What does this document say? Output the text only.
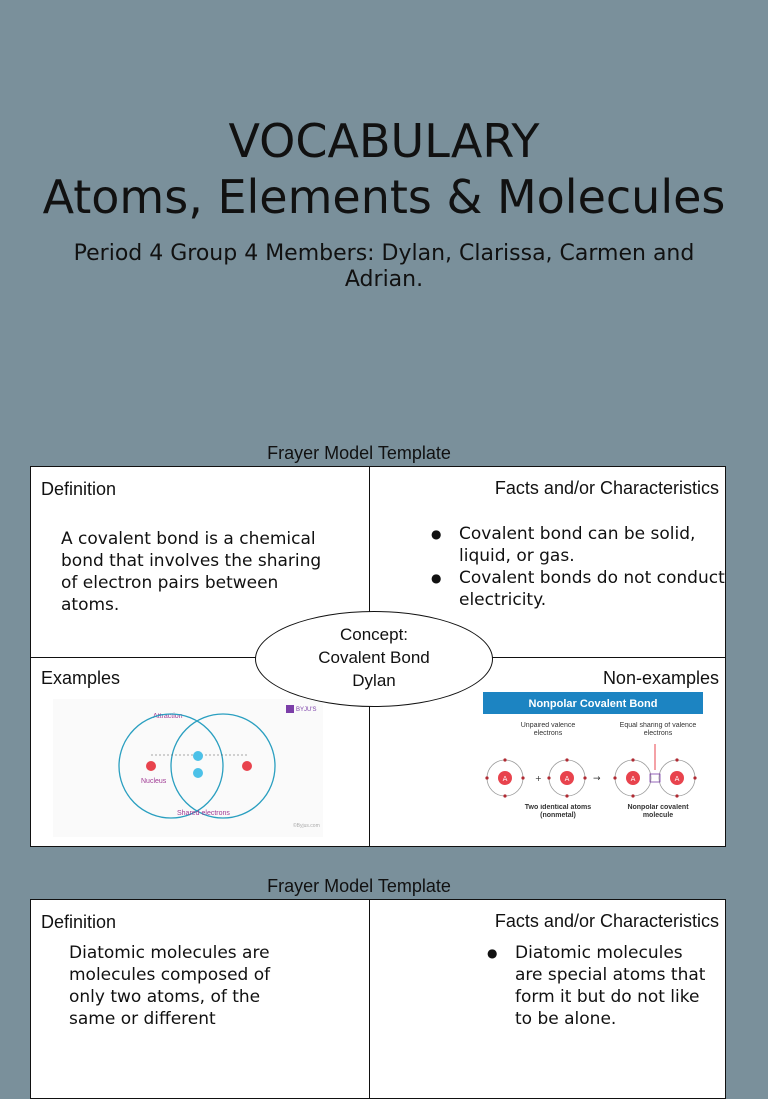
VOCABULARY
Atoms, Elements & Molecules
Period 4 Group 4 Members: Dylan, Clarissa, Carmen and Adrian.
Frayer Model Template
Definition
A covalent bond is a chemical bond that involves the sharing of electron pairs between atoms.
Facts and/or Characteristics
● Covalent bond can be solid, liquid, or gas.
● Covalent bonds do not conduct electricity.
Examples	Non-examples
Attraction
Nucleus
Shared electrons
BYJU'S
©Byjus.com
Nonpolar Covalent Bond
Unpaired valence electrons
Equal sharing of valence electrons
A	+	A	→	A	A
Two identical atoms (nonmetal)
Nonpolar covalent molecule
Concept:
Covalent Bond
Dylan
Frayer Model Template
Definition
Diatomic molecules are molecules composed of only two atoms, of the same or different
Facts and/or Characteristics
● Diatomic molecules are special atoms that form it but do not like to be alone.
